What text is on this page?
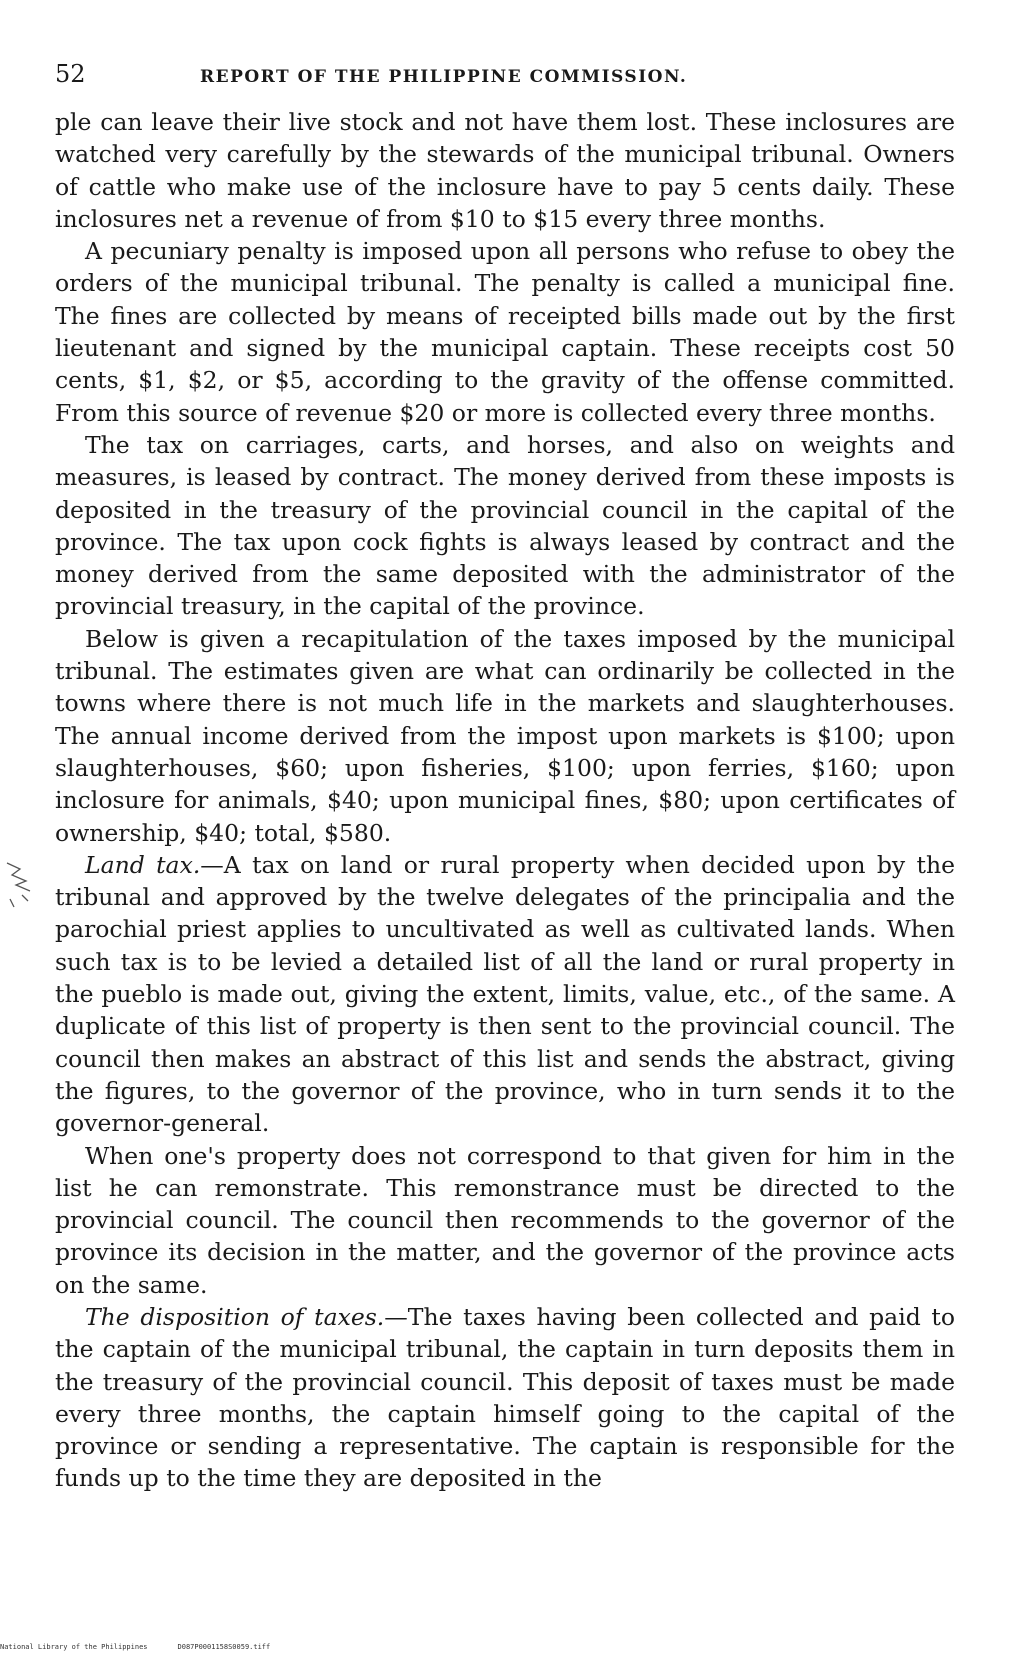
52	REPORT OF THE PHILIPPINE COMMISSION.

ple can leave their live stock and not have them lost. These inclosures are watched very carefully by the stewards of the municipal tribunal. Owners of cattle who make use of the inclosure have to pay 5 cents daily. These inclosures net a revenue of from $10 to $15 every three months.

A pecuniary penalty is imposed upon all persons who refuse to obey the orders of the municipal tribunal. The penalty is called a municipal fine. The fines are collected by means of receipted bills made out by the first lieutenant and signed by the municipal captain. These receipts cost 50 cents, $1, $2, or $5, according to the gravity of the offense committed. From this source of revenue $20 or more is collected every three months.

The tax on carriages, carts, and horses, and also on weights and measures, is leased by contract. The money derived from these imposts is deposited in the treasury of the provincial council in the capital of the province. The tax upon cock fights is always leased by contract and the money derived from the same deposited with the administrator of the provincial treasury, in the capital of the province.

Below is given a recapitulation of the taxes imposed by the municipal tribunal. The estimates given are what can ordinarily be collected in the towns where there is not much life in the markets and slaughterhouses. The annual income derived from the impost upon markets is $100; upon slaughterhouses, $60; upon fisheries, $100; upon ferries, $160; upon inclosure for animals, $40; upon municipal fines, $80; upon certificates of ownership, $40; total, $580.

Land tax.—A tax on land or rural property when decided upon by the tribunal and approved by the twelve delegates of the principalia and the parochial priest applies to uncultivated as well as cultivated lands. When such tax is to be levied a detailed list of all the land or rural property in the pueblo is made out, giving the extent, limits, value, etc., of the same. A duplicate of this list of property is then sent to the provincial council. The council then makes an abstract of this list and sends the abstract, giving the figures, to the governor of the province, who in turn sends it to the governor-general.

When one's property does not correspond to that given for him in the list he can remonstrate. This remonstrance must be directed to the provincial council. The council then recommends to the governor of the province its decision in the matter, and the governor of the province acts on the same.

The disposition of taxes.—The taxes having been collected and paid to the captain of the municipal tribunal, the captain in turn deposits them in the treasury of the provincial council. This deposit of taxes must be made every three months, the captain himself going to the capital of the province or sending a representative. The captain is responsible for the funds up to the time they are deposited in the

National Library of the Philippines	D087P0001158S0059.tiff
